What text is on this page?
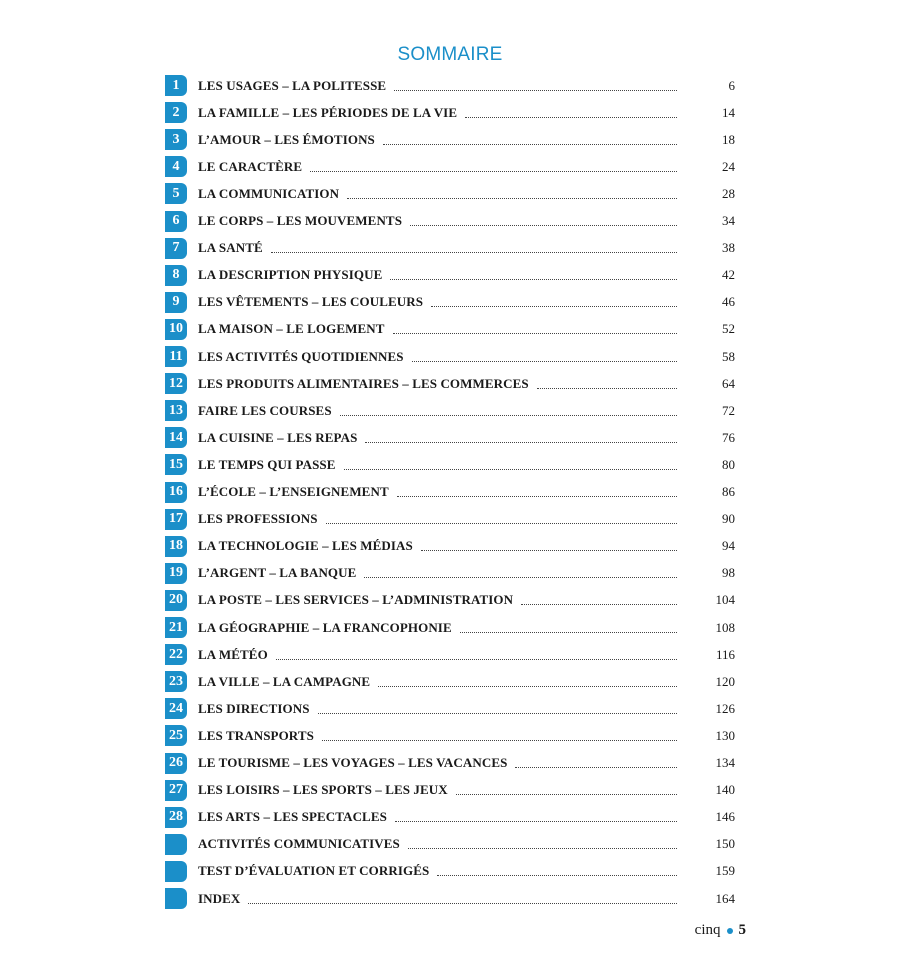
SOMMAIRE
1	LES USAGES – LA POLITESSE	6
2	LA FAMILLE – LES PÉRIODES DE LA VIE	14
3	L’AMOUR – LES ÉMOTIONS	18
4	LE CARACTÈRE	24
5	LA COMMUNICATION	28
6	LE CORPS – LES MOUVEMENTS	34
7	LA SANTÉ	38
8	LA DESCRIPTION PHYSIQUE	42
9	LES VÊTEMENTS – LES COULEURS	46
10	LA MAISON – LE LOGEMENT	52
11	LES ACTIVITÉS QUOTIDIENNES	58
12	LES PRODUITS ALIMENTAIRES – LES COMMERCES	64
13	FAIRE LES COURSES	72
14	LA CUISINE – LES REPAS	76
15	LE TEMPS QUI PASSE	80
16	L’ÉCOLE – L’ENSEIGNEMENT	86
17	LES PROFESSIONS	90
18	LA TECHNOLOGIE – LES MÉDIAS	94
19	L’ARGENT – LA BANQUE	98
20	LA POSTE – LES SERVICES – L’ADMINISTRATION	104
21	LA GÉOGRAPHIE – LA FRANCOPHONIE	108
22	LA MÉTÉO	116
23	LA VILLE – LA CAMPAGNE	120
24	LES DIRECTIONS	126
25	LES TRANSPORTS	130
26	LE TOURISME – LES VOYAGES – LES VACANCES	134
27	LES LOISIRS – LES SPORTS – LES JEUX	140
28	LES ARTS – LES SPECTACLES	146
ACTIVITÉS COMMUNICATIVES	150
TEST D’ÉVALUATION ET CORRIGÉS	159
INDEX	164
cinq 5
